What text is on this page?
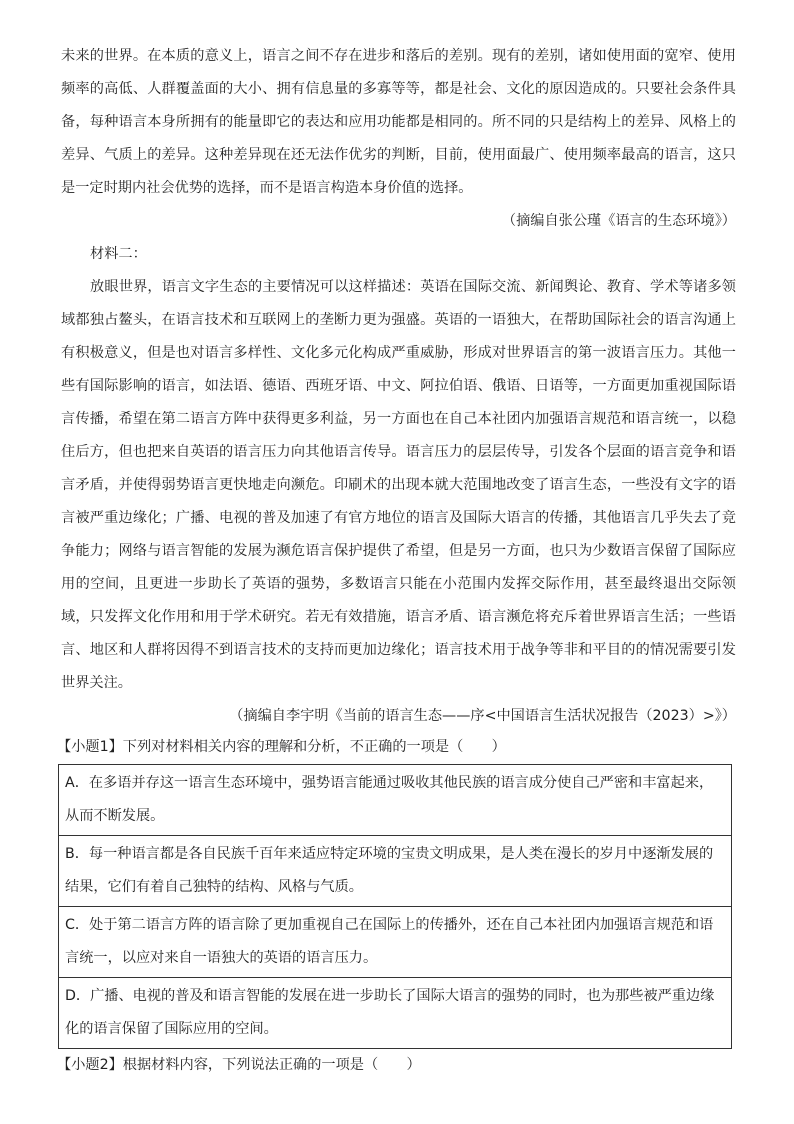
未来的世界。在本质的意义上，语言之间不存在进步和落后的差别。现有的差别，诸如使用面的宽窄、使用频率的高低、人群覆盖面的大小、拥有信息量的多寡等等，都是社会、文化的原因造成的。只要社会条件具备，每种语言本身所拥有的能量即它的表达和应用功能都是相同的。所不同的只是结构上的差异、风格上的差异、气质上的差异。这种差异现在还无法作优劣的判断，目前，使用面最广、使用频率最高的语言，这只是一定时期内社会优势的选择，而不是语言构造本身价值的选择。

（摘编自张公瑾《语言的生态环境》）

材料二：

放眼世界，语言文字生态的主要情况可以这样描述：英语在国际交流、新闻舆论、教育、学术等诸多领域都独占鳌头，在语言技术和互联网上的垄断力更为强盛。英语的一语独大，在帮助国际社会的语言沟通上有积极意义，但是也对语言多样性、文化多元化构成严重威胁，形成对世界语言的第一波语言压力。其他一些有国际影响的语言，如法语、德语、西班牙语、中文、阿拉伯语、俄语、日语等，一方面更加重视国际语言传播，希望在第二语言方阵中获得更多利益，另一方面也在自己本社团内加强语言规范和语言统一，以稳住后方，但也把来自英语的语言压力向其他语言传导。语言压力的层层传导，引发各个层面的语言竞争和语言矛盾，并使得弱势语言更快地走向濒危。印刷术的出现本就大范围地改变了语言生态，一些没有文字的语言被严重边缘化；广播、电视的普及加速了有官方地位的语言及国际大语言的传播，其他语言几乎失去了竞争能力；网络与语言智能的发展为濒危语言保护提供了希望，但是另一方面，也只为少数语言保留了国际应用的空间，且更进一步助长了英语的强势，多数语言只能在小范围内发挥交际作用，甚至最终退出交际领域，只发挥文化作用和用于学术研究。若无有效措施，语言矛盾、语言濒危将充斥着世界语言生活；一些语言、地区和人群将因得不到语言技术的支持而更加边缘化；语言技术用于战争等非和平目的的情况需要引发世界关注。

（摘编自李宇明《当前的语言生态——序<中国语言生活状况报告（2023）>》）

【小题1】下列对材料相关内容的理解和分析，不正确的一项是（　　）

A．在多语并存这一语言生态环境中，强势语言能通过吸收其他民族的语言成分使自己严密和丰富起来，从而不断发展。
B．每一种语言都是各自民族千百年来适应特定环境的宝贵文明成果，是人类在漫长的岁月中逐渐发展的结果，它们有着自己独特的结构、风格与气质。
C．处于第二语言方阵的语言除了更加重视自己在国际上的传播外，还在自己本社团内加强语言规范和语言统一，以应对来自一语独大的英语的语言压力。
D．广播、电视的普及和语言智能的发展在进一步助长了国际大语言的强势的同时，也为那些被严重边缘化的语言保留了国际应用的空间。

【小题2】根据材料内容，下列说法正确的一项是（　　）
